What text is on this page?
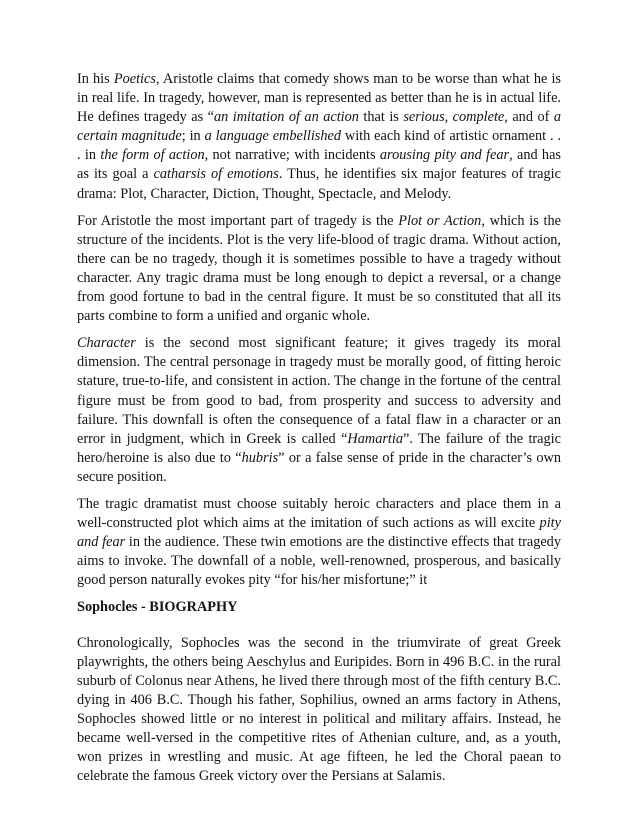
In his Poetics, Aristotle claims that comedy shows man to be worse than what he is in real life. In tragedy, however, man is represented as better than he is in actual life. He defines tragedy as “an imitation of an action that is serious, complete, and of a certain magnitude; in a language embellished with each kind of artistic ornament . . . in the form of action, not narrative; with incidents arousing pity and fear, and has as its goal a catharsis of emotions. Thus, he identifies six major features of tragic drama: Plot, Character, Diction, Thought, Spectacle, and Melody.

For Aristotle the most important part of tragedy is the Plot or Action, which is the structure of the incidents. Plot is the very life-blood of tragic drama. Without action, there can be no tragedy, though it is sometimes possible to have a tragedy without character. Any tragic drama must be long enough to depict a reversal, or a change from good fortune to bad in the central figure. It must be so constituted that all its parts combine to form a unified and organic whole.

Character is the second most significant feature; it gives tragedy its moral dimension. The central personage in tragedy must be morally good, of fitting heroic stature, true-to-life, and consistent in action. The change in the fortune of the central figure must be from good to bad, from prosperity and success to adversity and failure. This downfall is often the consequence of a fatal flaw in a character or an error in judgment, which in Greek is called “Hamartia”. The failure of the tragic hero/heroine is also due to “hubris” or a false sense of pride in the character’s own secure position.

The tragic dramatist must choose suitably heroic characters and place them in a well-constructed plot which aims at the imitation of such actions as will excite pity and fear in the audience. These twin emotions are the distinctive effects that tragedy aims to invoke. The downfall of a noble, well-renowned, prosperous, and basically good person naturally evokes pity “for his/her misfortune;” it

Sophocles - BIOGRAPHY

Chronologically, Sophocles was the second in the triumvirate of great Greek playwrights, the others being Aeschylus and Euripides. Born in 496 B.C. in the rural suburb of Colonus near Athens, he lived there through most of the fifth century B.C. dying in 406 B.C. Though his father, Sophilius, owned an arms factory in Athens, Sophocles showed little or no interest in political and military affairs. Instead, he became well-versed in the competitive rites of Athenian culture, and, as a youth, won prizes in wrestling and music. At age fifteen, he led the Choral paean to celebrate the famous Greek victory over the Persians at Salamis.
